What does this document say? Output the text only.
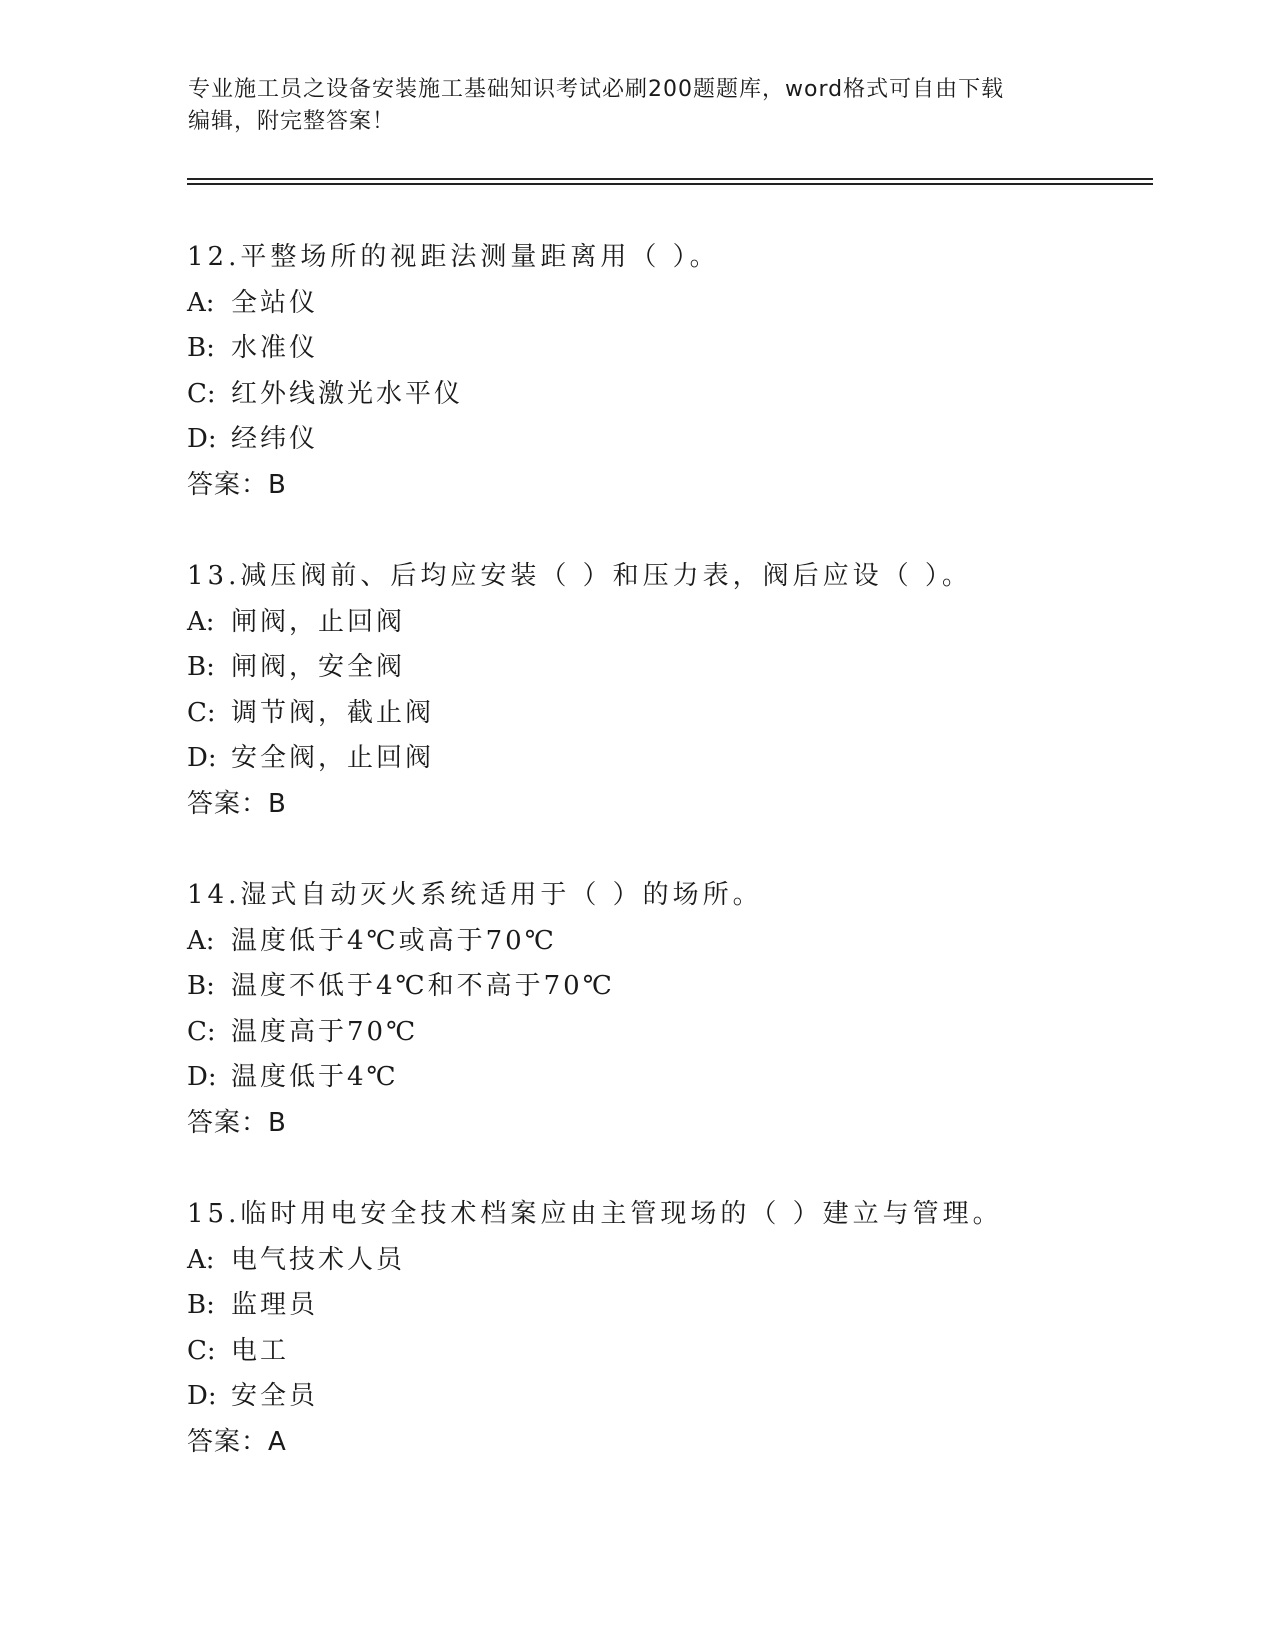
专业施工员之设备安装施工基础知识考试必刷200题题库，word格式可自由下载
编辑，附完整答案！
12.平整场所的视距法测量距离用（ ）。
A: 全站仪
B: 水准仪
C: 红外线激光水平仪
D: 经纬仪
答案：B
13.减压阀前、后均应安装（ ）和压力表，阀后应设（ ）。
A: 闸阀，止回阀
B: 闸阀，安全阀
C: 调节阀，截止阀
D: 安全阀，止回阀
答案：B
14.湿式自动灭火系统适用于（ ）的场所。
A: 温度低于4℃或高于70℃
B: 温度不低于4℃和不高于70℃
C: 温度高于70℃
D: 温度低于4℃
答案：B
15.临时用电安全技术档案应由主管现场的（ ）建立与管理。
A: 电气技术人员
B: 监理员
C: 电工
D: 安全员
答案：A
